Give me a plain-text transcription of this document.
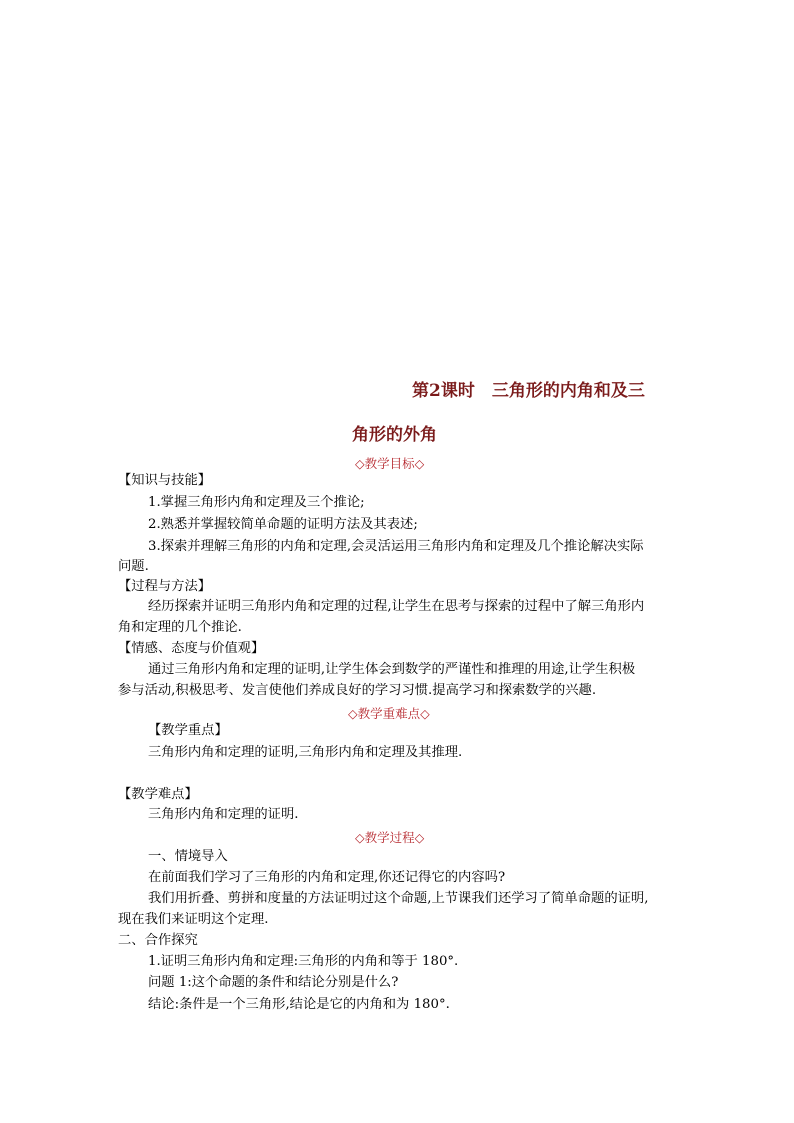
第2课时　三角形的内角和及三
角形的外角
◇教学目标◇
【知识与技能】
1.掌握三角形内角和定理及三个推论;
2.熟悉并掌握较简单命题的证明方法及其表述;
3.探索并理解三角形的内角和定理,会灵活运用三角形内角和定理及几个推论解决实际
问题.
【过程与方法】
经历探索并证明三角形内角和定理的过程,让学生在思考与探索的过程中了解三角形内
角和定理的几个推论.
【情感、态度与价值观】
通过三角形内角和定理的证明,让学生体会到数学的严谨性和推理的用途,让学生积极
参与活动,积极思考、发言使他们养成良好的学习习惯.提高学习和探索数学的兴趣.
◇教学重难点◇
【教学重点】
三角形内角和定理的证明,三角形内角和定理及其推理.
【教学难点】
三角形内角和定理的证明.
◇教学过程◇
一、情境导入
在前面我们学习了三角形的内角和定理,你还记得它的内容吗?
我们用折叠、剪拼和度量的方法证明过这个命题,上节课我们还学习了简单命题的证明,
现在我们来证明这个定理.
二、合作探究
1.证明三角形内角和定理:三角形的内角和等于 180°.
问题 1:这个命题的条件和结论分别是什么?
结论:条件是一个三角形,结论是它的内角和为 180°.
